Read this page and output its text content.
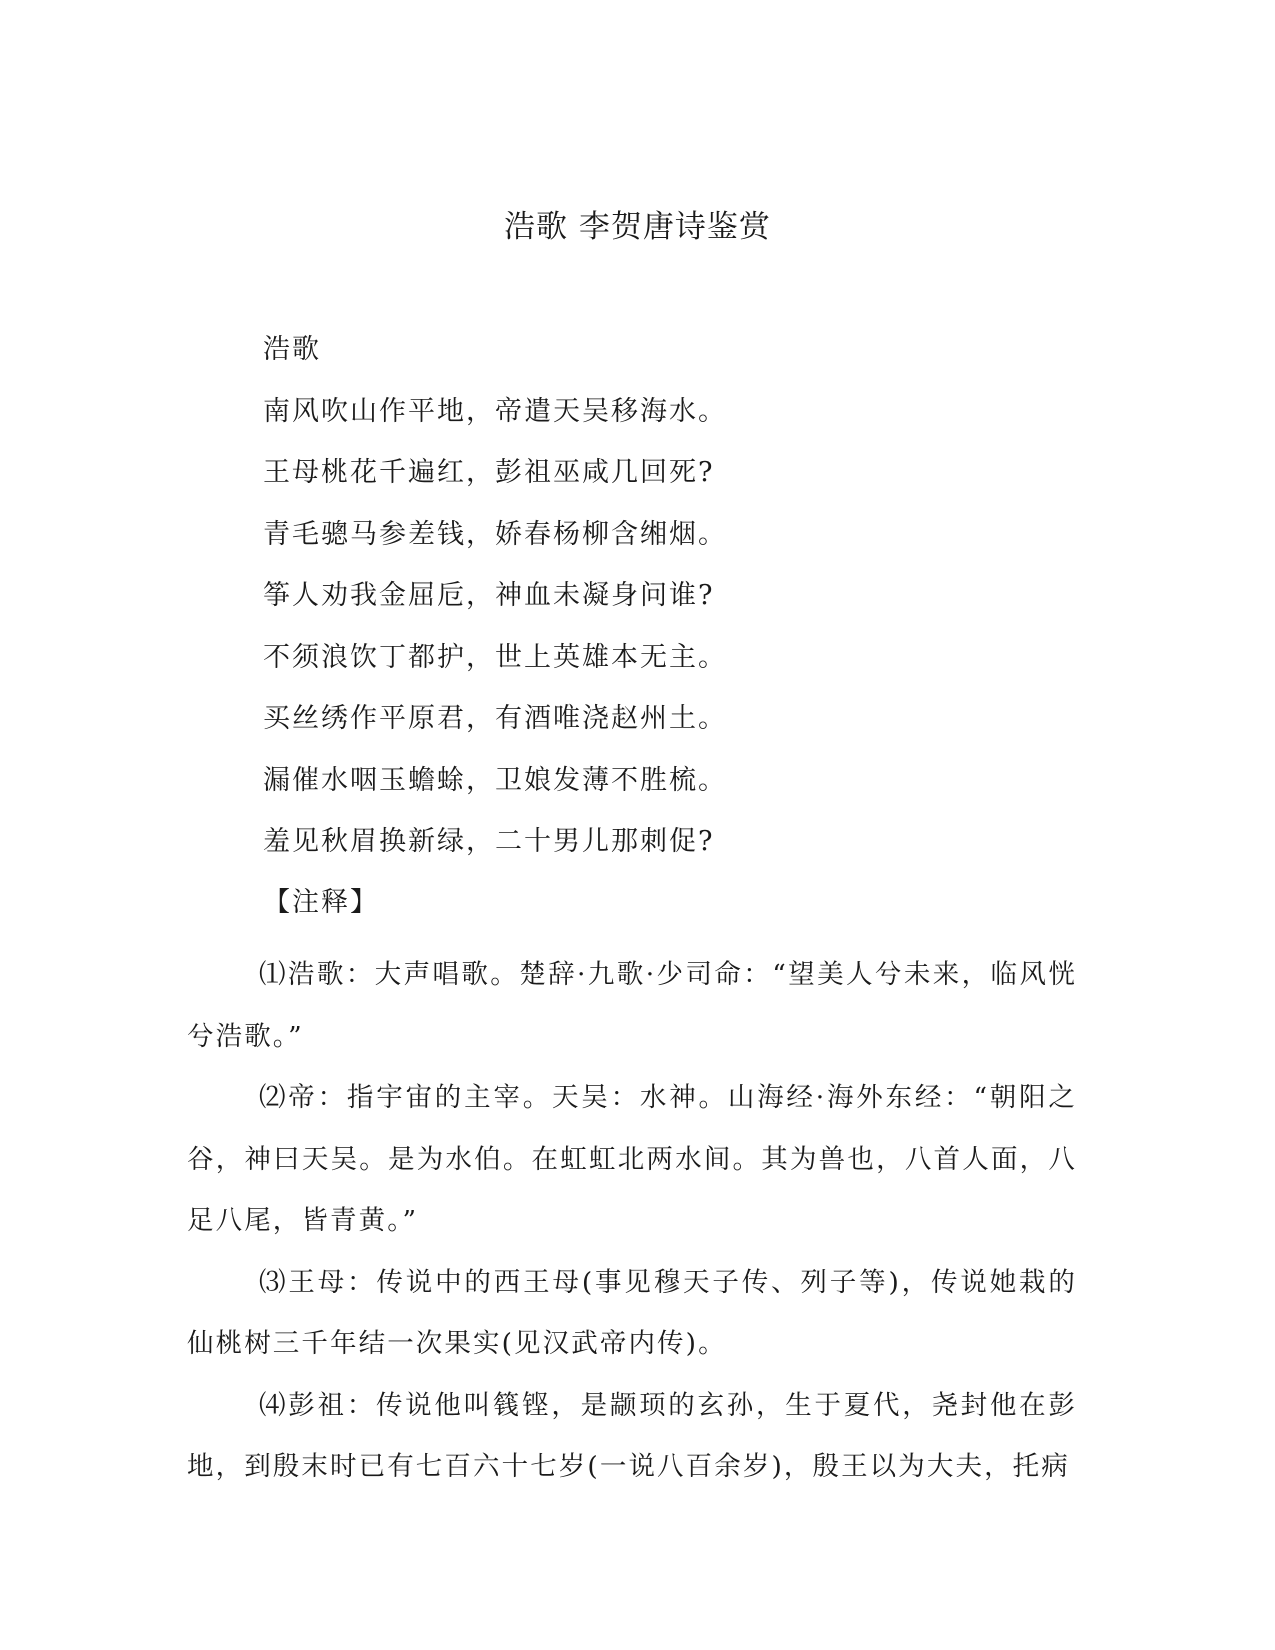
浩歌 李贺唐诗鉴赏
浩歌
南风吹山作平地，帝遣天吴移海水。
王母桃花千遍红，彭祖巫咸几回死?
青毛骢马参差钱，娇春杨柳含缃烟。
筝人劝我金屈卮，神血未凝身问谁?
不须浪饮丁都护，世上英雄本无主。
买丝绣作平原君，有酒唯浇赵州土。
漏催水咽玉蟾蜍，卫娘发薄不胜梳。
羞见秋眉换新绿，二十男儿那刺促?
【注释】

⑴浩歌：大声唱歌。楚辞·九歌·少司命：“望美人兮未来，临风恍兮浩歌。”

⑵帝：指宇宙的主宰。天吴：水神。山海经·海外东经：“朝阳之谷，神曰天吴。是为水伯。在虹虹北两水间。其为兽也，八首人面，八足八尾，皆青黄。”

⑶王母：传说中的西王母(事见穆天子传、列子等)，传说她栽的仙桃树三千年结一次果实(见汉武帝内传)。

⑷彭祖：传说他叫篯铿，是颛顼的玄孙，生于夏代，尧封他在彭地，到殷末时已有七百六十七岁(一说八百余岁)，殷王以为大夫，托病
